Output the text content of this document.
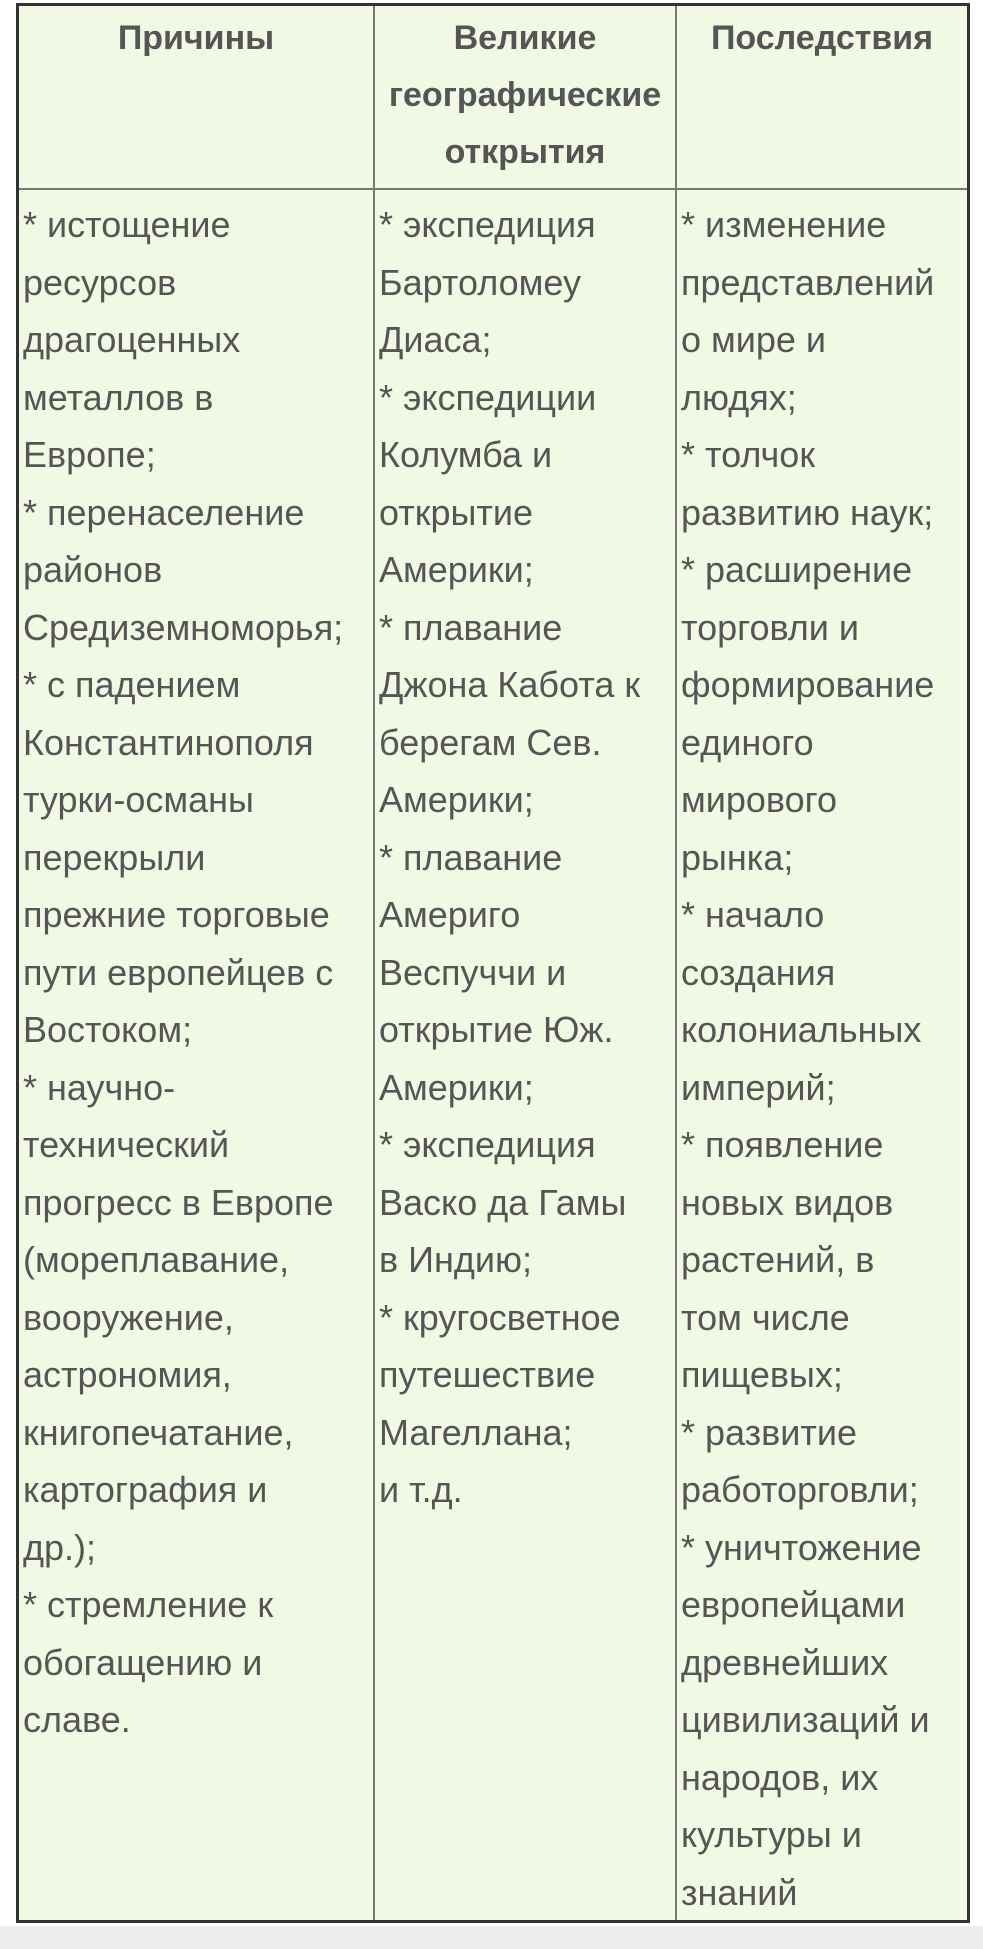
Причины	Великие географические открытия
Последствия
* истощение
ресурсов
драгоценных
металлов в
Европе;
* перенаселение
районов
Средиземноморья;
* с падением
Константинополя
турки-османы
перекрыли
прежние торговые
пути европейцев с
Востоком;
* научно-
технический
прогресс в Европе
(мореплавание,
вооружение,
астрономия,
книгопечатание,
картография и
др.);
* стремление к
обогащению и
славе.
* экспедиция
Бартоломеу
Диаса;
* экспедиции
Колумба и
открытие
Америки;
* плавание
Джона Кабота к
берегам Сев.
Америки;
* плавание
Америго
Веспуччи и
открытие Юж.
Америки;
* экспедиция
Васко да Гамы
в Индию;
* кругосветное
путешествие
Магеллана;
и т.д.
* изменение
представлений
о мире и
людях;
* толчок
развитию наук;
* расширение
торговли и
формирование
единого
мирового
рынка;
* начало
создания
колониальных
империй;
* появление
новых видов
растений, в
том числе
пищевых;
* развитие
работорговли;
* уничтожение
европейцами
древнейших
цивилизаций и
народов, их
культуры и
знаний
